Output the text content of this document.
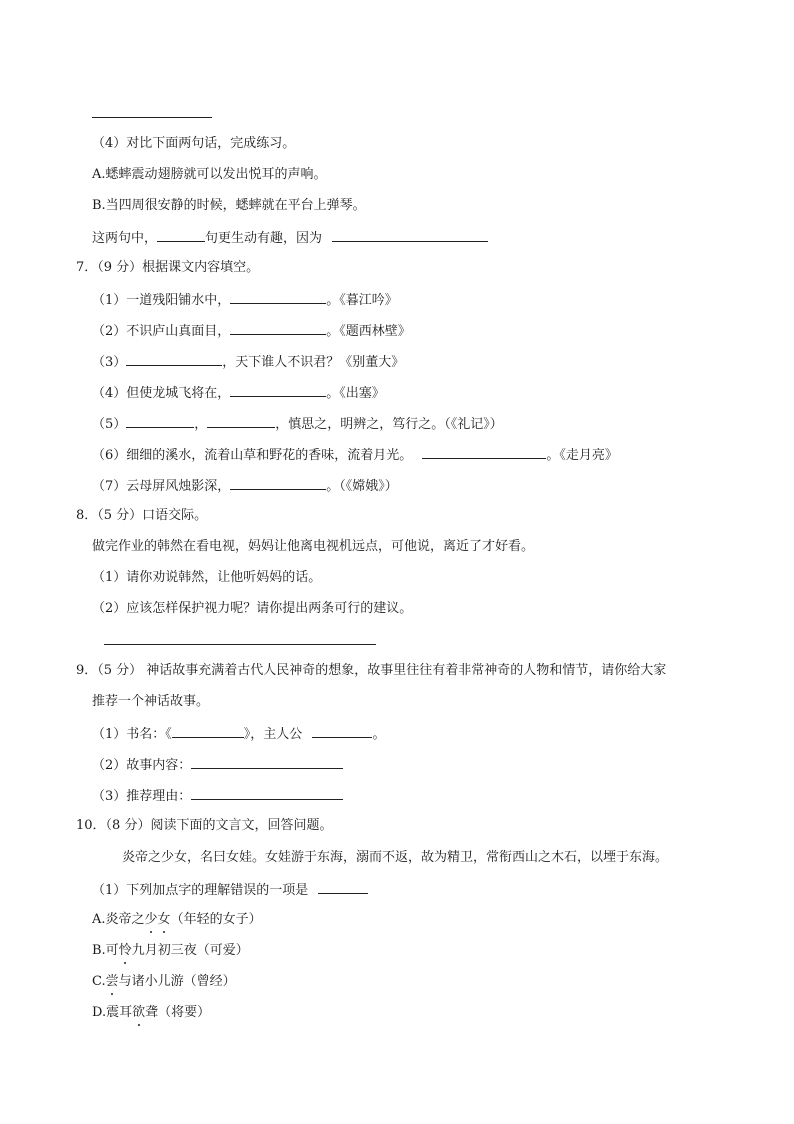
（4）对比下面两句话，完成练习。
A.蟋蟀震动翅膀就可以发出悦耳的声响。
B.当四周很安静的时候，蟋蟀就在平台上弹琴。
这两句中，	句更生动有趣，因为
7．（9 分）根据课文内容填空。
（1）一道残阳铺水中，	。《暮江吟》
（2）不识庐山真面目，	。《题西林壁》
（3）	，天下谁人不识君？《别董大》
（4）但使龙城飞将在，	。《出塞》
（5）	，	，慎思之，明辨之，笃行之。（《礼记》）
（6）细细的溪水，流着山草和野花的香味，流着月光。	。《走月亮》
（7）云母屏风烛影深，	。（《嫦娥》）
8．（5 分）口语交际。
做完作业的韩然在看电视，妈妈让他离电视机远点，可他说，离近了才好看。
（1）请你劝说韩然，让他听妈妈的话。
（2）应该怎样保护视力呢？请你提出两条可行的建议。
9．（5 分） 神话故事充满着古代人民神奇的想象，故事里往往有着非常神奇的人物和情节，请你给大家
推荐一个神话故事。
（1）书名：《	》，主人公	。
（2）故事内容：
（3）推荐理由：
10．（8 分）阅读下面的文言文，回答问题。
炎帝之少女，名曰女娃。女娃游于东海，溺而不返，故为精卫，常衔西山之木石，以堙于东海。
（1）下列加点字的理解错误的一项是
A.炎帝之少女（年轻的女子）
B.可怜九月初三夜（可爱）
C.尝与诸小儿游（曾经）
D.震耳欲聋（将要）
